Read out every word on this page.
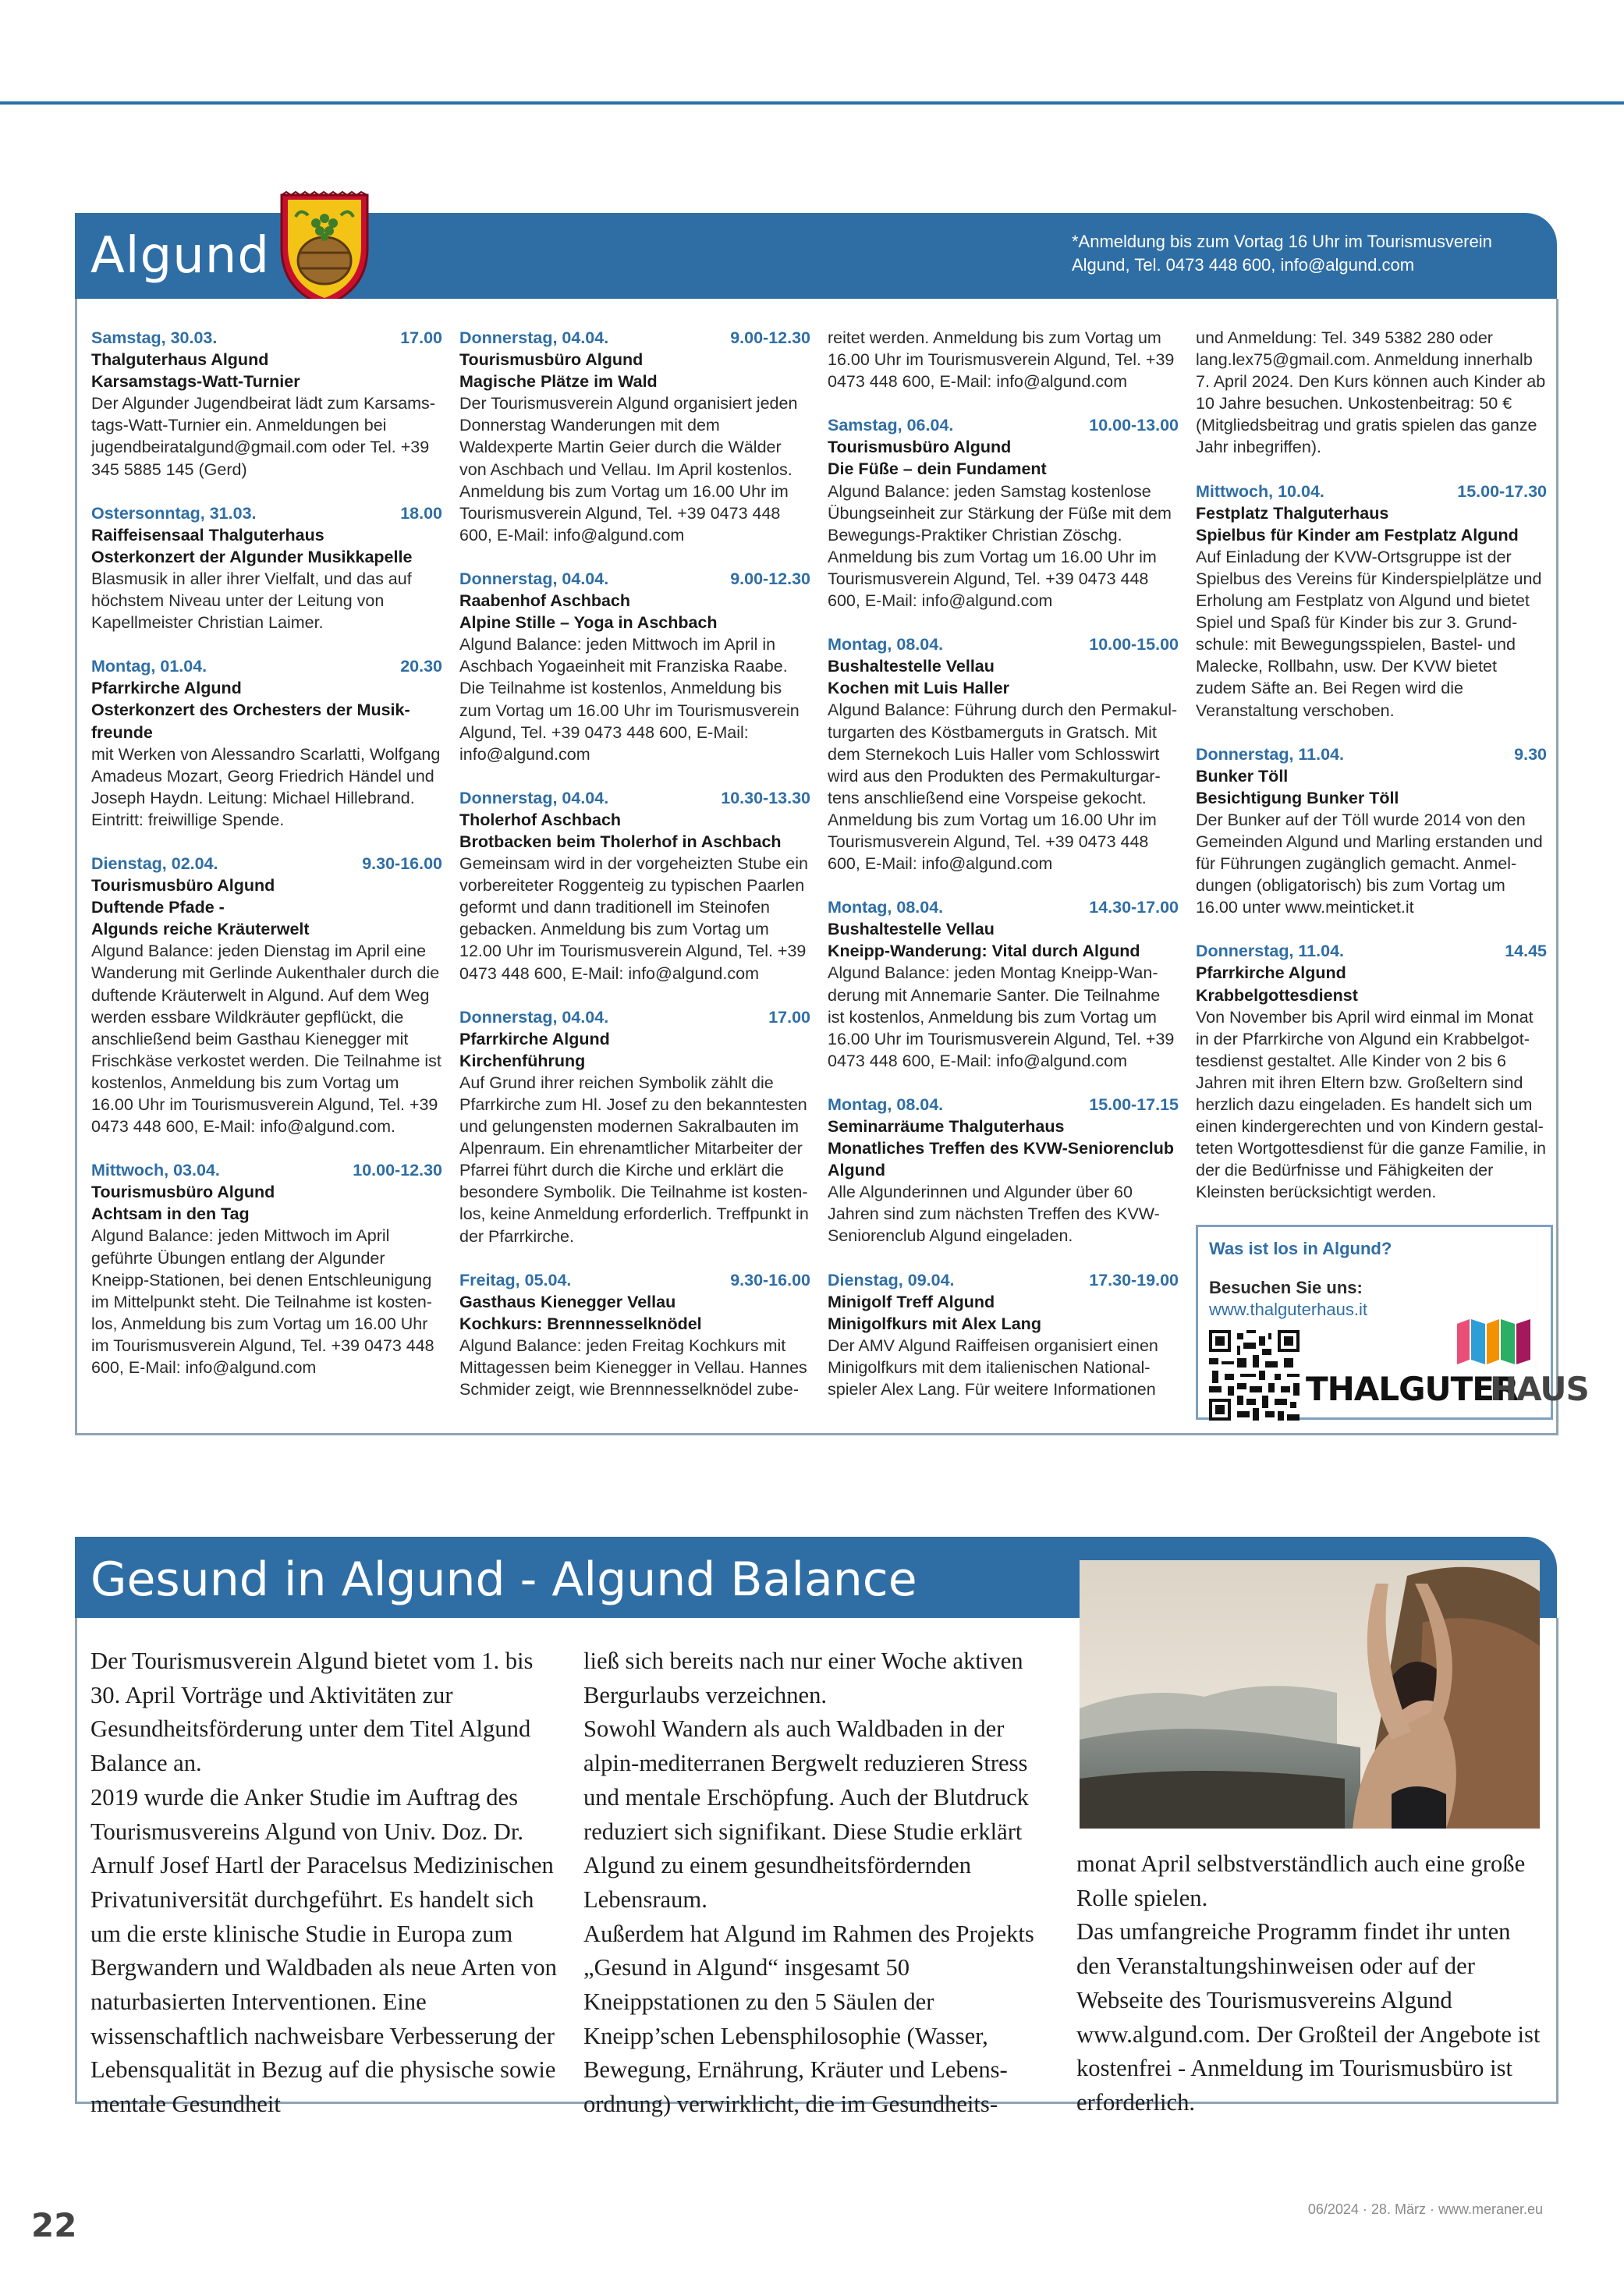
Algund	*Anmeldung bis zum Vortag 16 Uhr im Tourismusverein
Algund, Tel. 0473 448 600, info@algund.com
Samstag, 30.03.	17.00
Thalguterhaus Algund
Karsamstags-Watt-Turnier
Der Algunder Jugendbeirat lädt zum Karsamstags-Watt-Turnier ein. Anmeldungen bei jugendbeiratalgund@gmail.com oder Tel. +39 345 5885 145 (Gerd)
Ostersonntag, 31.03.	18.00
Raiffeisensaal Thalguterhaus
Osterkonzert der Algunder Musikkapelle
Blasmusik in aller ihrer Vielfalt, und das auf höchstem Niveau unter der Leitung von Kapellmeister Christian Laimer.
Montag, 01.04.	20.30
Pfarrkirche Algund
Osterkonzert des Orchesters der Musikfreunde
mit Werken von Alessandro Scarlatti, Wolfgang Amadeus Mozart, Georg Friedrich Händel und Joseph Haydn. Leitung: Michael Hillebrand. Eintritt: freiwillige Spende.
Dienstag, 02.04.	9.30-16.00
Tourismusbüro Algund
Duftende Pfade -
Algunds reiche Kräuterwelt
Algund Balance: jeden Dienstag im April eine Wanderung mit Gerlinde Aukenthaler durch die duftende Kräuterwelt in Algund. Auf dem Weg werden essbare Wildkräuter gepflückt, die anschließend beim Gasthau Kienegger mit Frischkäse verkostet werden. Die Teilnahme ist kostenlos, Anmeldung bis zum Vortag um 16.00 Uhr im Tourismusverein Algund, Tel. +39 0473 448 600, E-Mail: info@algund.com.
Mittwoch, 03.04.	10.00-12.30
Tourismusbüro Algund
Achtsam in den Tag
Algund Balance: jeden Mittwoch im April geführte Übungen entlang der Algunder Kneipp-Stationen, bei denen Entschleunigung im Mittelpunkt steht. Die Teilnahme ist kostenlos, Anmeldung bis zum Vortag um 16.00 Uhr im Tourismusverein Algund, Tel. +39 0473 448 600, E-Mail: info@algund.com
Donnerstag, 04.04.	9.00-12.30
Tourismusbüro Algund
Magische Plätze im Wald
Der Tourismusverein Algund organisiert jeden Donnerstag Wanderungen mit dem Waldexperte Martin Geier durch die Wälder von Aschbach und Vellau. Im April kostenlos. Anmeldung bis zum Vortag um 16.00 Uhr im Tourismusverein Algund, Tel. +39 0473 448 600, E-Mail: info@algund.com
Donnerstag, 04.04.	9.00-12.30
Raabenhof Aschbach
Alpine Stille – Yoga in Aschbach
Algund Balance: jeden Mittwoch im April in Aschbach Yogaeinheit mit Franziska Raabe. Die Teilnahme ist kostenlos, Anmeldung bis zum Vortag um 16.00 Uhr im Tourismusverein Algund, Tel. +39 0473 448 600, E-Mail: info@algund.com
Donnerstag, 04.04.	10.30-13.30
Tholerhof Aschbach
Brotbacken beim Tholerhof in Aschbach
Gemeinsam wird in der vorgeheizten Stube ein vorbereiteter Roggenteig zu typischen Paarlen geformt und dann traditionell im Steinofen gebacken. Anmeldung bis zum Vortag um 12.00 Uhr im Tourismusverein Algund, Tel. +39 0473 448 600, E-Mail: info@algund.com
Donnerstag, 04.04.	17.00
Pfarrkirche Algund
Kirchenführung
Auf Grund ihrer reichen Symbolik zählt die Pfarrkirche zum Hl. Josef zu den bekanntesten und gelungensten modernen Sakralbauten im Alpenraum. Ein ehrenamtlicher Mitarbeiter der Pfarrei führt durch die Kirche und erklärt die besondere Symbolik. Die Teilnahme ist kostenlos, keine Anmeldung erforderlich. Treffpunkt in der Pfarrkirche.
Freitag, 05.04.	9.30-16.00
Gasthaus Kienegger Vellau
Kochkurs: Brennnesselknödel
Algund Balance: jeden Freitag Kochkurs mit Mittagessen beim Kienegger in Vellau. Hannes Schmider zeigt, wie Brennnesselknödel zube-
reitet werden. Anmeldung bis zum Vortag um 16.00 Uhr im Tourismusverein Algund, Tel. +39 0473 448 600, E-Mail: info@algund.com
Samstag, 06.04.	10.00-13.00
Tourismusbüro Algund
Die Füße – dein Fundament
Algund Balance: jeden Samstag kostenlose Übungseinheit zur Stärkung der Füße mit dem Bewegungs-Praktiker Christian Zöschg. Anmeldung bis zum Vortag um 16.00 Uhr im Tourismusverein Algund, Tel. +39 0473 448 600, E-Mail: info@algund.com
Montag, 08.04.	10.00-15.00
Bushaltestelle Vellau
Kochen mit Luis Haller
Algund Balance: Führung durch den Permakulturgarten des Köstbamerguts in Gratsch. Mit dem Sternekoch Luis Haller vom Schlosswirt wird aus den Produkten des Permakulturgartens anschließend eine Vorspeise gekocht. Anmeldung bis zum Vortag um 16.00 Uhr im Tourismusverein Algund, Tel. +39 0473 448 600, E-Mail: info@algund.com
Montag, 08.04.	14.30-17.00
Bushaltestelle Vellau
Kneipp-Wanderung: Vital durch Algund
Algund Balance: jeden Montag Kneipp-Wanderung mit Annemarie Santer. Die Teilnahme ist kostenlos, Anmeldung bis zum Vortag um 16.00 Uhr im Tourismusverein Algund, Tel. +39 0473 448 600, E-Mail: info@algund.com
Montag, 08.04.	15.00-17.15
Seminarräume Thalguterhaus
Monatliches Treffen des KVW-Seniorenclub Algund
Alle Algunderinnen und Algunder über 60 Jahren sind zum nächsten Treffen des KVW-Seniorenclub Algund eingeladen.
Dienstag, 09.04.	17.30-19.00
Minigolf Treff Algund
Minigolfkurs mit Alex Lang
Der AMV Algund Raiffeisen organisiert einen Minigolfkurs mit dem italienischen Nationalspieler Alex Lang. Für weitere Informationen
und Anmeldung: Tel. 349 5382 280 oder lang.lex75@gmail.com. Anmeldung innerhalb 7. April 2024. Den Kurs können auch Kinder ab 10 Jahre besuchen. Unkostenbeitrag: 50 € (Mitgliedsbeitrag und gratis spielen das ganze Jahr inbegriffen).
Mittwoch, 10.04.	15.00-17.30
Festplatz Thalguterhaus
Spielbus für Kinder am Festplatz Algund
Auf Einladung der KVW-Ortsgruppe ist der Spielbus des Vereins für Kinderspielplätze und Erholung am Festplatz von Algund und bietet Spiel und Spaß für Kinder bis zur 3. Grundschule: mit Bewegungsspielen, Bastel- und Malecke, Rollbahn, usw. Der KVW bietet zudem Säfte an. Bei Regen wird die Veranstaltung verschoben.
Donnerstag, 11.04.	9.30
Bunker Töll
Besichtigung Bunker Töll
Der Bunker auf der Töll wurde 2014 von den Gemeinden Algund und Marling erstanden und für Führungen zugänglich gemacht. Anmeldungen (obligatorisch) bis zum Vortag um 16.00 unter www.meinticket.it
Donnerstag, 11.04.	14.45
Pfarrkirche Algund
Krabbelgottesdienst
Von November bis April wird einmal im Monat in der Pfarrkirche von Algund ein Krabbelgottesdienst gestaltet. Alle Kinder von 2 bis 6 Jahren mit ihren Eltern bzw. Großeltern sind herzlich dazu eingeladen. Es handelt sich um einen kindergerechten und von Kindern gestalteten Wortgottesdienst für die ganze Familie, in der die Bedürfnisse und Fähigkeiten der Kleinsten berücksichtigt werden.
Was ist los in Algund?
Besuchen Sie uns:
www.thalguterhaus.it
THALGUTER
HAUS
Gesund in Algund - Algund Balance
Der Tourismusverein Algund bietet vom 1. bis 30. April Vorträge und Aktivitäten zur Gesundheitsförderung unter dem Titel Algund Balance an.
2019 wurde die Anker Studie im Auftrag des Tourismusvereins Algund von Univ. Doz. Dr. Arnulf Josef Hartl der Paracelsus Medizinischen Privatuniversität durchgeführt. Es handelt sich um die erste klinische Studie in Europa zum Bergwandern und Waldbaden als neue Arten von naturbasierten Interventionen. Eine wissenschaftlich nachweisbare Verbesserung der Lebensqualität in Bezug auf die physische sowie mentale Gesundheit
ließ sich bereits nach nur einer Woche aktiven Bergurlaubs verzeichnen.
Sowohl Wandern als auch Waldbaden in der alpin-mediterranen Bergwelt reduzieren Stress und mentale Erschöpfung. Auch der Blutdruck reduziert sich signifikant. Diese Studie erklärt Algund zu einem gesundheitsfördernden Lebensraum.
Außerdem hat Algund im Rahmen des Projekts „Gesund in Algund“ insgesamt 50 Kneippstationen zu den 5 Säulen der Kneipp’schen Lebensphilosophie (Wasser, Bewegung, Ernährung, Kräuter und Lebensordnung) verwirklicht, die im Gesundheits-
monat April selbstverständlich auch eine große Rolle spielen.
Das umfangreiche Programm findet ihr unten den Veranstaltungshinweisen oder auf der Webseite des Tourismusvereins Algund www.algund.com. Der Großteil der Angebote ist kostenfrei - Anmeldung im Tourismusbüro ist erforderlich.
22	06/2024 · 28. März · www.meraner.eu
